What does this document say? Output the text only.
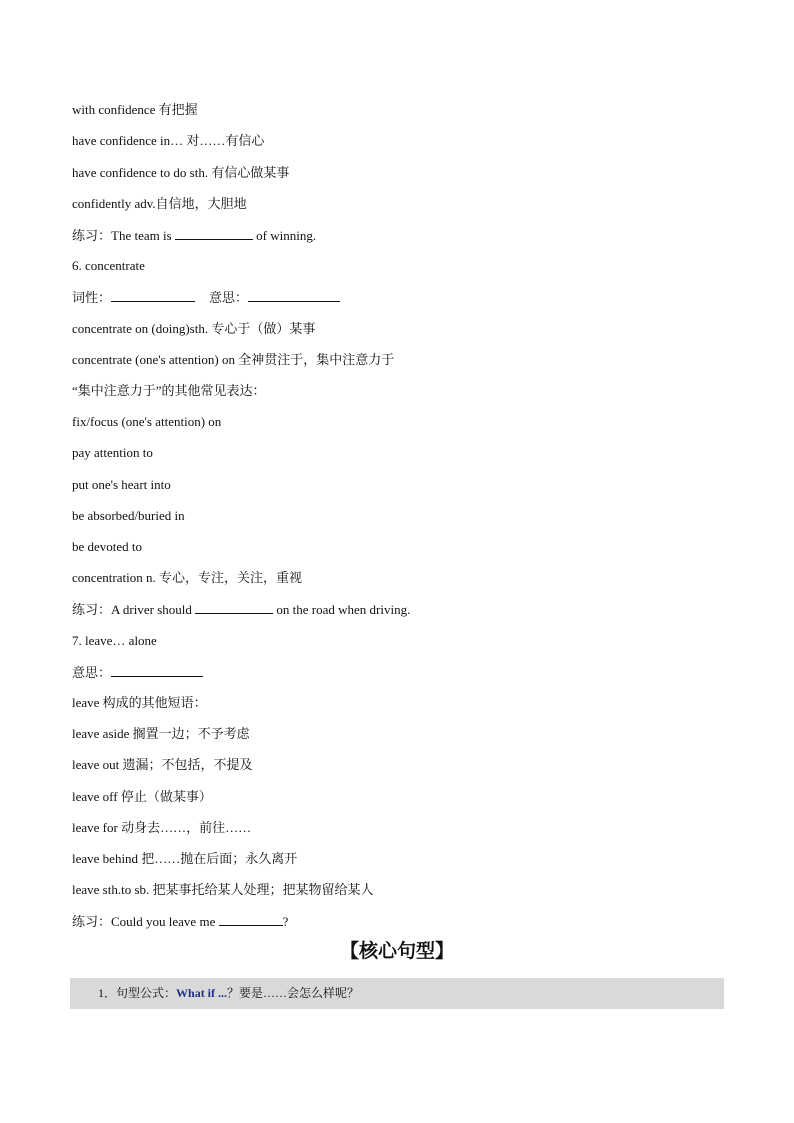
with confidence 有把握
have confidence in… 对……有信心
have confidence to do sth. 有信心做某事
confidently adv.自信地，大胆地
练习：The team is	of winning.
6. concentrate
词性：	意思：
concentrate on (doing)sth. 专心于（做）某事
concentrate (one's attention) on 全神贯注于，集中注意力于
“集中注意力于”的其他常见表达：
fix/focus (one's attention) on
pay attention to
put one's heart into
be absorbed/buried in
be devoted to
concentration n. 专心，专注，关注，重视
练习：A driver should	on the road when driving.
7. leave… alone
意思：
leave 构成的其他短语：
leave aside 搁置一边；不予考虑
leave out 遗漏；不包括，不提及
leave off 停止（做某事）
leave for 动身去……，前往……
leave behind 把……抛在后面；永久离开
leave sth.to sb. 把某事托给某人处理；把某物留给某人
练习：Could you leave me	?
【核心句型】
1．句型公式：What if ...？要是……会怎么样呢？
